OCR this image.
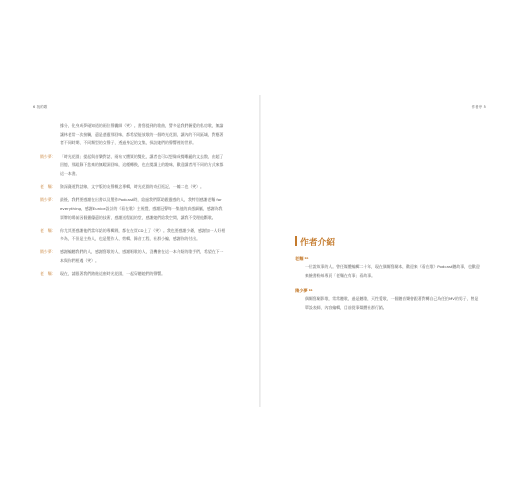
6 找的歌
緣分，化身成夢碰知道的兩位聲囊師（笑）。書寫提到的歌曲，譬多是我們倆愛的私房歌，無論讓林老常一次接觸，還是憑靈那回味，都希望能放歌的一個時光花園，讓內的不同區域，對應著者不同時期、不同類型的女聲子，透過身記的文集，探訪她們的聲響裡的世界。
隋少夢：	「時光花園」提起與音樂對話，兩布又體質的雙化，讓者也可以想像成餐雕麗的文去散，由超了回憶，那組錄下您來的無暇洞回味，這種轉換，也在閱讀上的趣味，歡迎讀者用不同的方式來都這一本書。
老　麵：	資深賽道對話線，文字版的友聲概念專輯，時光花園的奇幻逛記，一幢二也（笑）。
隋少夢：	最後，我們要感謝在出書以及製作Podcast時，給過我們幫助跟靈感的人，我特別感謝老麵 for everything，感謝Eunice設計的《看在歌》主視覺，感謝冠聲每一集他的真憑細膩，感謝為我票牌的場前因個播優還的技術，感謝送程組的堂，感謝她們給我空間，讓我不受理他斷歌。
老　麵：	你尤其要感謝他們當年給的專輯錢，都在在買CD上了（笑）。我也要感謝少爺，感謝加一人好相多為，不但是主持人，也是製作人、剪輯、錄音工程、社群小編，感謝你的付出。
隋少夢：	感謝編聽我們的人，感謝寫歌的人，感謝唱歌的人，沒機會在這一本介紹的歌手們，希望在下一本與你們相遇（笑）。
老　麵：	現在，請跟著我們踏進這座時光花園，一起穿聽她們的聲響。
作者序 5
作者介紹
老麵 ▸▸
一位說故事的人。曾任媒體編輯二十年，現在偶爾寫劇本，歡迎來《看在歌》Podcast聽故事，也歡迎來臉書粉絲專頁「老麵在有事」看故事。
隋少夢 ▸▸
偶爾寫劇影歌，常常聽歌，過是聽歌，天性愛歌，一個聽音樂會跟著對轉自己為任拍MV的男子，曾是單設表師，內容編輯，目前從事媒體社群行銷。
